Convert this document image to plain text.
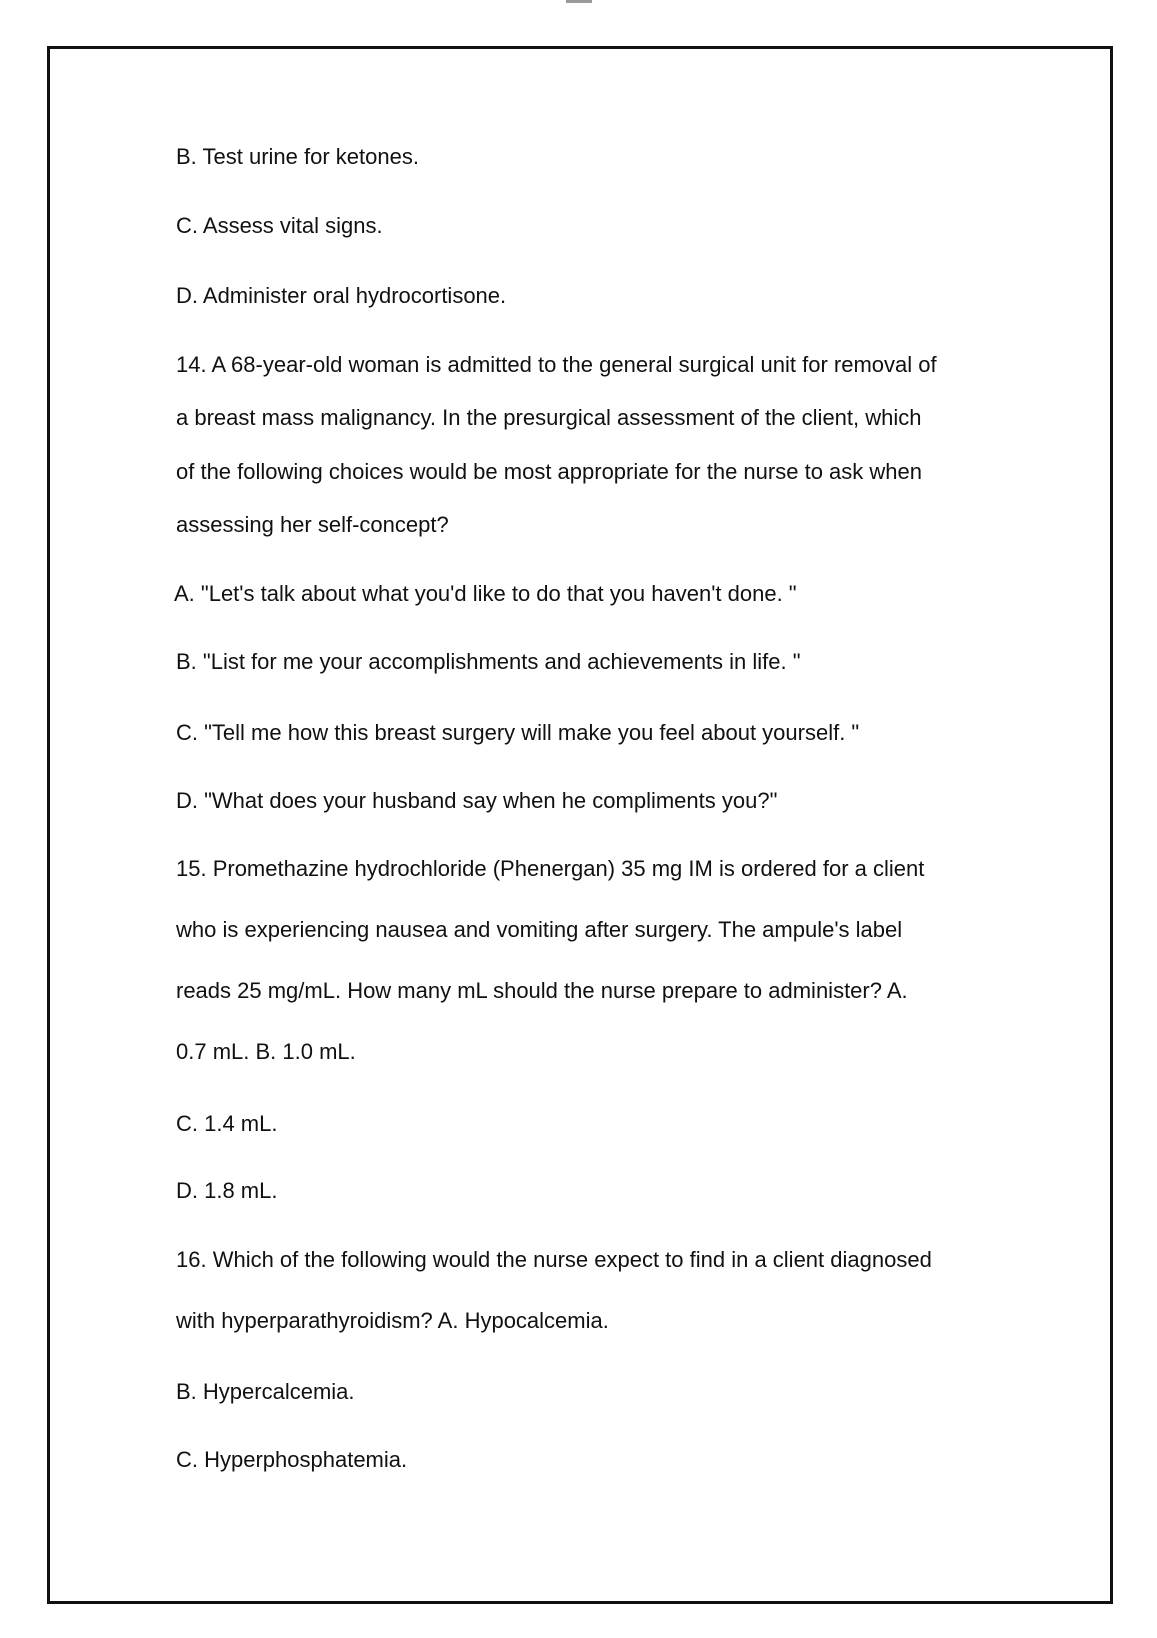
B. Test urine for ketones.

C. Assess vital signs.

D. Administer oral hydrocortisone.

14. A 68-year-old woman is admitted to the general surgical unit for removal of

a breast mass malignancy. In the presurgical assessment of the client, which

of the following choices would be most appropriate for the nurse to ask when

assessing her self-concept?

A. "Let's talk about what you'd like to do that you haven't done. "

B. "List for me your accomplishments and achievements in life. "

C. "Tell me how this breast surgery will make you feel about yourself. "

D. "What does your husband say when he compliments you?"

15. Promethazine hydrochloride (Phenergan) 35 mg IM is ordered for a client

who is experiencing nausea and vomiting after surgery. The ampule's label

reads 25 mg/mL. How many mL should the nurse prepare to administer? A.

0.7 mL. B. 1.0 mL.

C. 1.4 mL.

D. 1.8 mL.

16. Which of the following would the nurse expect to find in a client diagnosed

with hyperparathyroidism? A. Hypocalcemia.

B. Hypercalcemia.

C. Hyperphosphatemia.
